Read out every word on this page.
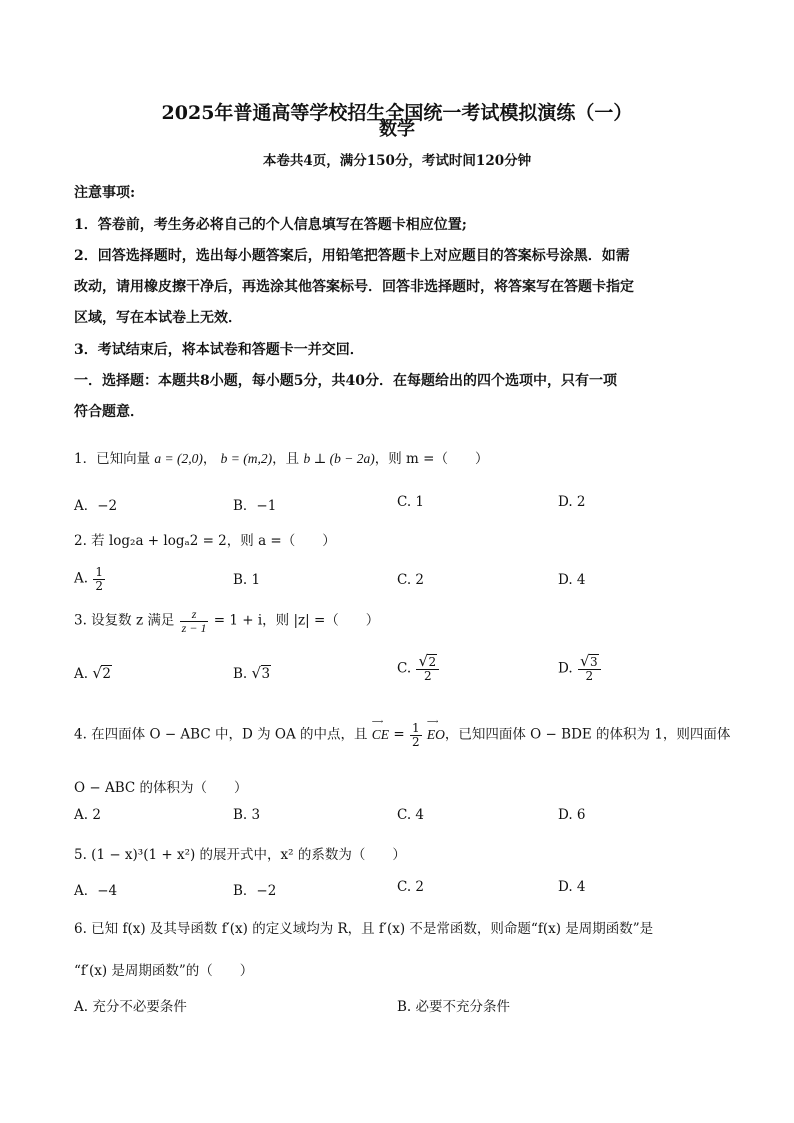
2025年普通高等学校招生全国统一考试模拟演练（一）
数学
本卷共4页，满分150分，考试时间120分钟
注意事项:
1．答卷前，考生务必将自己的个人信息填写在答题卡相应位置;
2．回答选择题时，选出每小题答案后，用铅笔把答题卡上对应题目的答案标号涂黑．如需
改动，请用橡皮擦干净后，再选涂其他答案标号．回答非选择题时，将答案写在答题卡指定
区域，写在本试卷上无效．
3．考试结束后，将本试卷和答题卡一并交回．
一．选择题：本题共8小题，每小题5分，共40分．在每题给出的四个选项中，只有一项
符合题意．
1．已知向量 a = (2,0)， b = (m,2)，且 b ⊥ (b − 2a)，则 m =（　　）
A．−2	B．−1	C. 1	D. 2
2. 若 log₂a + logₐ2 = 2，则 a =（　　）
A. $\frac{1}{2}$	B. 1	C. 2	D. 4
3. 设复数 z 满足 $\frac{z}{z - 1} = 1 + i$，则 |z| =（　　）
A. √ 2	B. √ 3	C. $\frac{√ 2}{2}$	D. $\frac{√ 3}{2}$
4. 在四面体 O − ABC 中，D 为 OA 的中点，且
⟶
CE = $\frac{1}{2}$

⟶
EO，已知四面体 O − BDE 的体积为 1，则四面体
O − ABC 的体积为（　　）
A. 2	B. 3	C. 4	D. 6
5. (1 − x)³(1 + x²) 的展开式中，x² 的系数为（　　）
A．−4	B．−2	C. 2	D. 4
6. 已知 f(x) 及其导函数 f′(x) 的定义域均为 R，且 f′(x) 不是常函数，则命题“f(x) 是周期函数”是
“f′(x) 是周期函数”的（　　）
A. 充分不必要条件	B. 必要不充分条件
